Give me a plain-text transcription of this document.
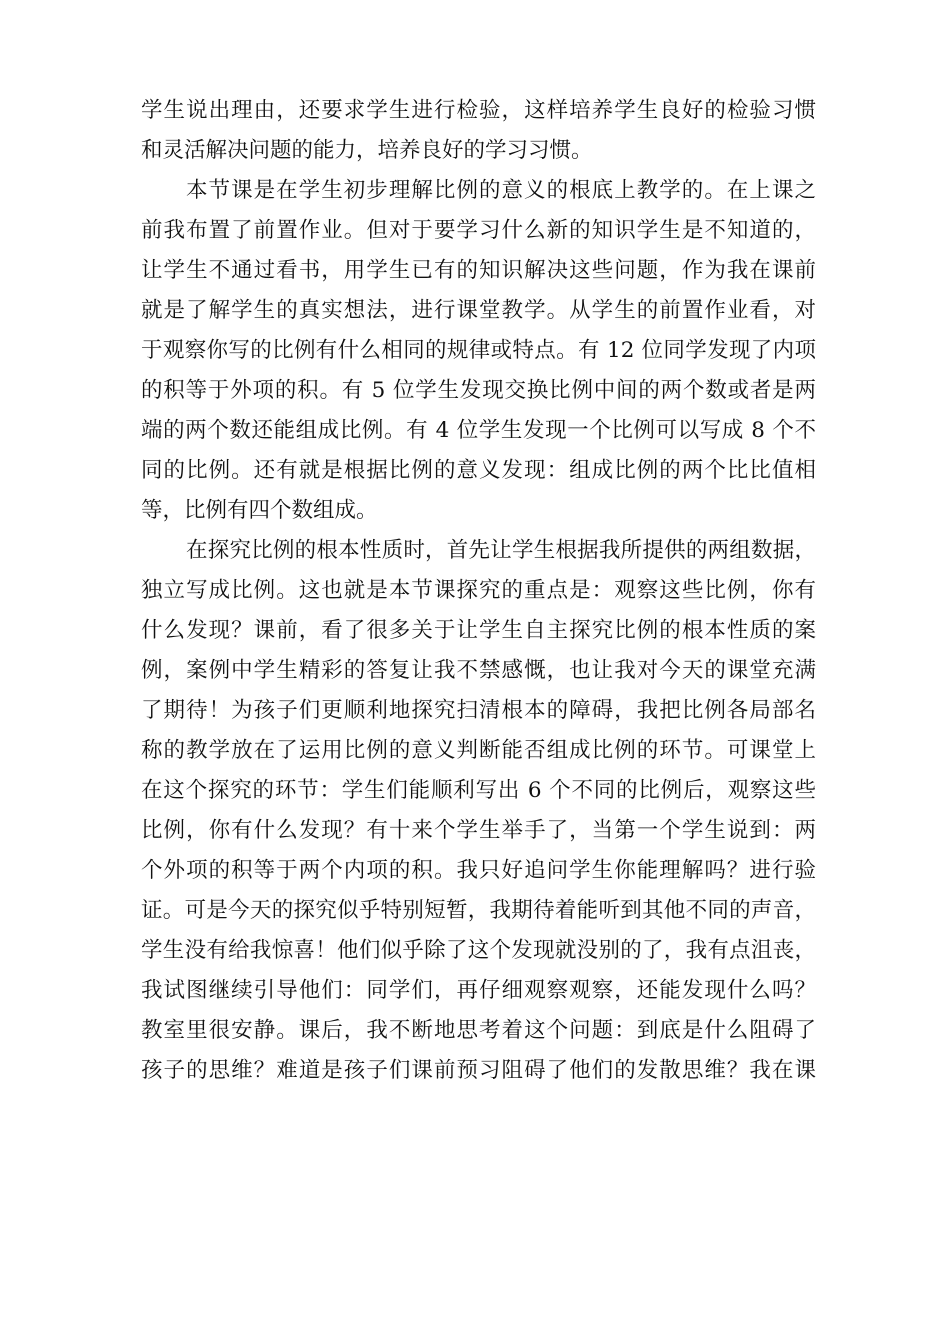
学生说出理由，还要求学生进行检验，这样培养学生良好的检验习惯
和灵活解决问题的能力，培养良好的学习习惯。
本节课是在学生初步理解比例的意义的根底上教学的。在上课之
前我布置了前置作业。但对于要学习什么新的知识学生是不知道的，
让学生不通过看书，用学生已有的知识解决这些问题，作为我在课前
就是了解学生的真实想法，进行课堂教学。从学生的前置作业看，对
于观察你写的比例有什么相同的规律或特点。有 12 位同学发现了内项
的积等于外项的积。有 5 位学生发现交换比例中间的两个数或者是两
端的两个数还能组成比例。有 4 位学生发现一个比例可以写成 8 个不
同的比例。还有就是根据比例的意义发现：组成比例的两个比比值相
等，比例有四个数组成。
在探究比例的根本性质时，首先让学生根据我所提供的两组数据，
独立写成比例。这也就是本节课探究的重点是：观察这些比例，你有
什么发现？课前，看了很多关于让学生自主探究比例的根本性质的案
例，案例中学生精彩的答复让我不禁感慨，也让我对今天的课堂充满
了期待！为孩子们更顺利地探究扫清根本的障碍，我把比例各局部名
称的教学放在了运用比例的意义判断能否组成比例的环节。可课堂上
在这个探究的环节：学生们能顺利写出 6 个不同的比例后，观察这些
比例，你有什么发现？有十来个学生举手了，当第一个学生说到：两
个外项的积等于两个内项的积。我只好追问学生你能理解吗？进行验
证。可是今天的探究似乎特别短暂，我期待着能听到其他不同的声音，
学生没有给我惊喜！他们似乎除了这个发现就没别的了，我有点沮丧，
我试图继续引导他们：同学们，再仔细观察观察，还能发现什么吗？
教室里很安静。课后，我不断地思考着这个问题：到底是什么阻碍了
孩子的思维？难道是孩子们课前预习阻碍了他们的发散思维？我在课
